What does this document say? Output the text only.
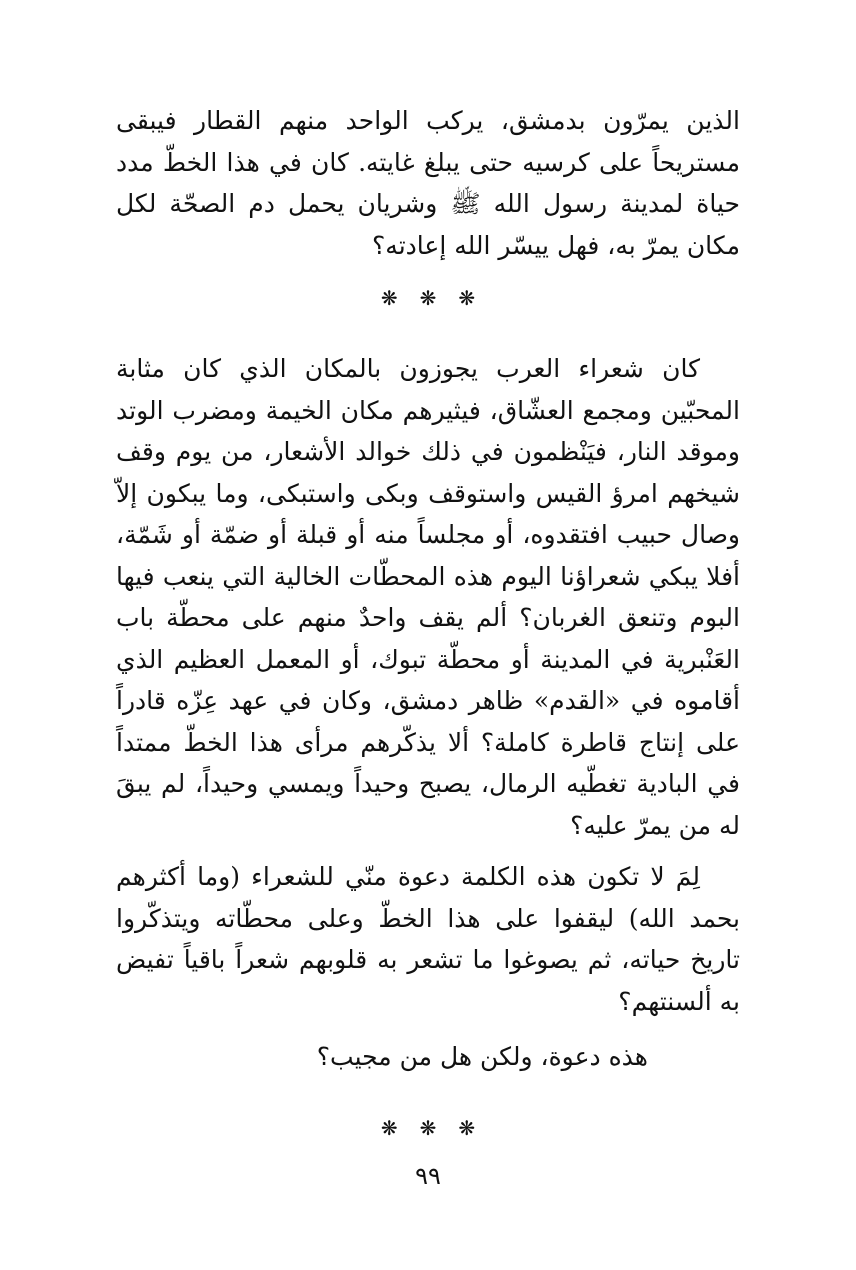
الذين يمرّون بدمشق، يركب الواحد منهم القطار فيبقى مستريحاً على كرسيه حتى يبلغ غايته. كان في هذا الخطّ مدد حياة لمدينة رسول الله ﷺ وشريان يحمل دم الصحّة لكل مكان يمرّ به، فهل ييسّر الله إعادته؟

❋ ❋ ❋

كان شعراء العرب يجوزون بالمكان الذي كان مثابة المحبّين ومجمع العشّاق، فيثيرهم مكان الخيمة ومضرب الوتد وموقد النار، فيَنْظمون في ذلك خوالد الأشعار، من يوم وقف شيخهم امرؤ القيس واستوقف وبكى واستبكى، وما يبكون إلاّ وصال حبيب افتقدوه، أو مجلساً منه أو قبلة أو ضمّة أو شَمّة، أفلا يبكي شعراؤنا اليوم هذه المحطّات الخالية التي ينعب فيها البوم وتنعق الغربان؟ ألم يقف واحدٌ منهم على محطّة باب العَنْبرية في المدينة أو محطّة تبوك، أو المعمل العظيم الذي أقاموه في «القدم» ظاهر دمشق، وكان في عهد عِزّه قادراً على إنتاج قاطرة كاملة؟ ألا يذكّرهم مرأى هذا الخطّ ممتداً في البادية تغطّيه الرمال، يصبح وحيداً ويمسي وحيداً، لم يبقَ له من يمرّ عليه؟

لِمَ لا تكون هذه الكلمة دعوة منّي للشعراء (وما أكثرهم بحمد الله) ليقفوا على هذا الخطّ وعلى محطّاته ويتذكّروا تاريخ حياته، ثم يصوغوا ما تشعر به قلوبهم شعراً باقياً تفيض به ألسنتهم؟

هذه دعوة، ولكن هل من مجيب؟

❋ ❋ ❋
٩٩
